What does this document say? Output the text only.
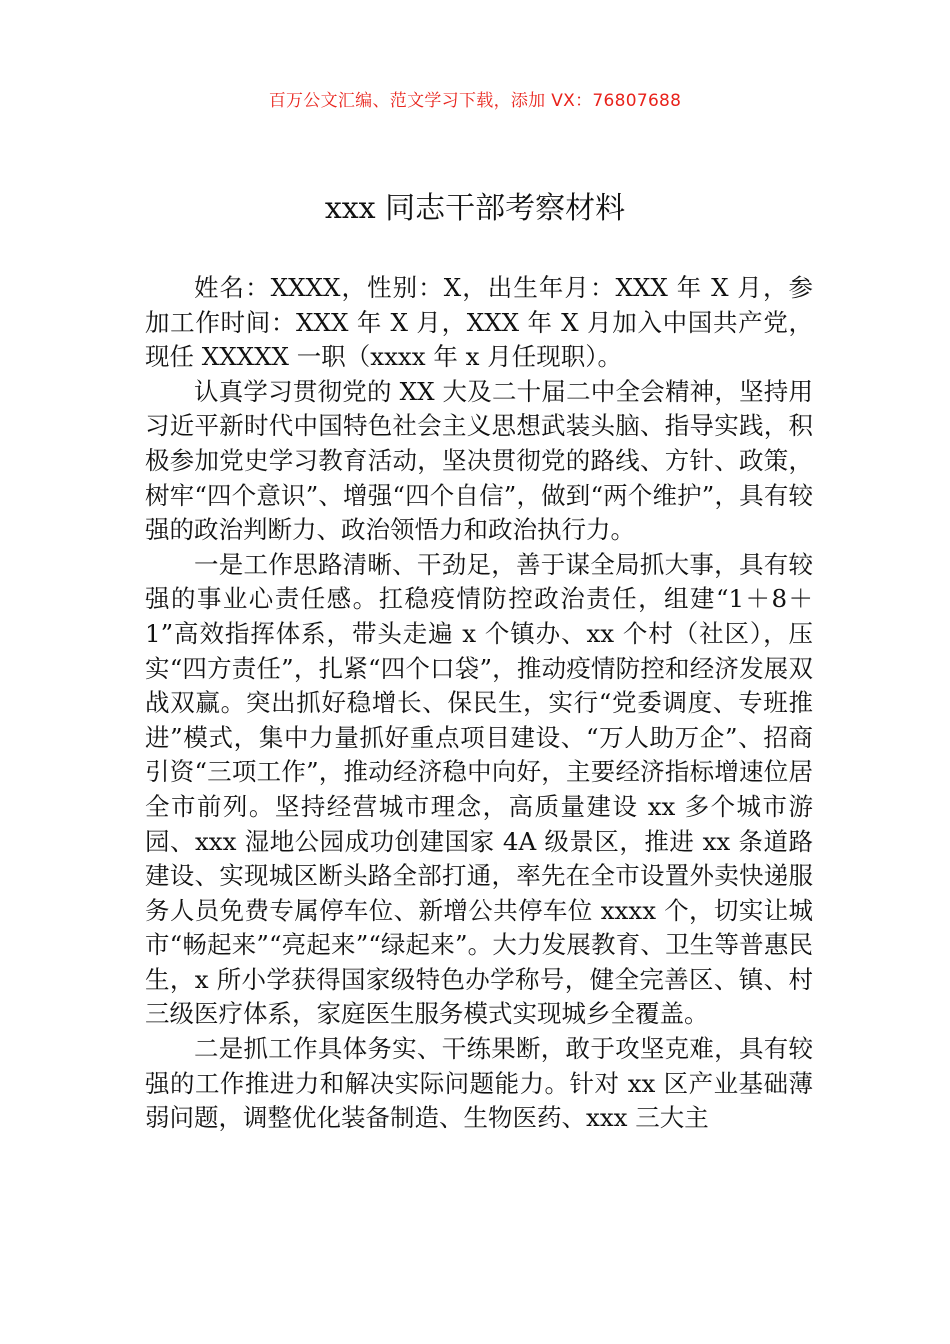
百万公文汇编、范文学习下载，添加 VX：76807688
xxx 同志干部考察材料

姓名：XXXX，性别：X，出生年月：XXX 年 X 月，参加工作时间：XXX 年 X 月，XXX 年 X 月加入中国共产党，现任 XXXXX 一职（xxxx 年 x 月任现职）。

认真学习贯彻党的 XX 大及二十届二中全会精神，坚持用习近平新时代中国特色社会主义思想武装头脑、指导实践，积极参加党史学习教育活动，坚决贯彻党的路线、方针、政策，树牢“四个意识”、增强“四个自信”，做到“两个维护”，具有较强的政治判断力、政治领悟力和政治执行力。

一是工作思路清晰、干劲足，善于谋全局抓大事，具有较强的事业心责任感。扛稳疫情防控政治责任，组建“1＋8＋1”高效指挥体系，带头走遍 x 个镇办、xx 个村（社区），压实“四方责任”，扎紧“四个口袋”，推动疫情防控和经济发展双战双赢。突出抓好稳增长、保民生，实行“党委调度、专班推进”模式，集中力量抓好重点项目建设、“万人助万企”、招商引资“三项工作”，推动经济稳中向好，主要经济指标增速位居全市前列。坚持经营城市理念，高质量建设 xx 多个城市游园、xxx 湿地公园成功创建国家 4A 级景区，推进 xx 条道路建设、实现城区断头路全部打通，率先在全市设置外卖快递服务人员免费专属停车位、新增公共停车位 xxxx 个，切实让城市“畅起来”“亮起来”“绿起来”。大力发展教育、卫生等普惠民生，x 所小学获得国家级特色办学称号，健全完善区、镇、村三级医疗体系，家庭医生服务模式实现城乡全覆盖。

二是抓工作具体务实、干练果断，敢于攻坚克难，具有较强的工作推进力和解决实际问题能力。针对 xx 区产业基础薄弱问题，调整优化装备制造、生物医药、xxx 三大主
